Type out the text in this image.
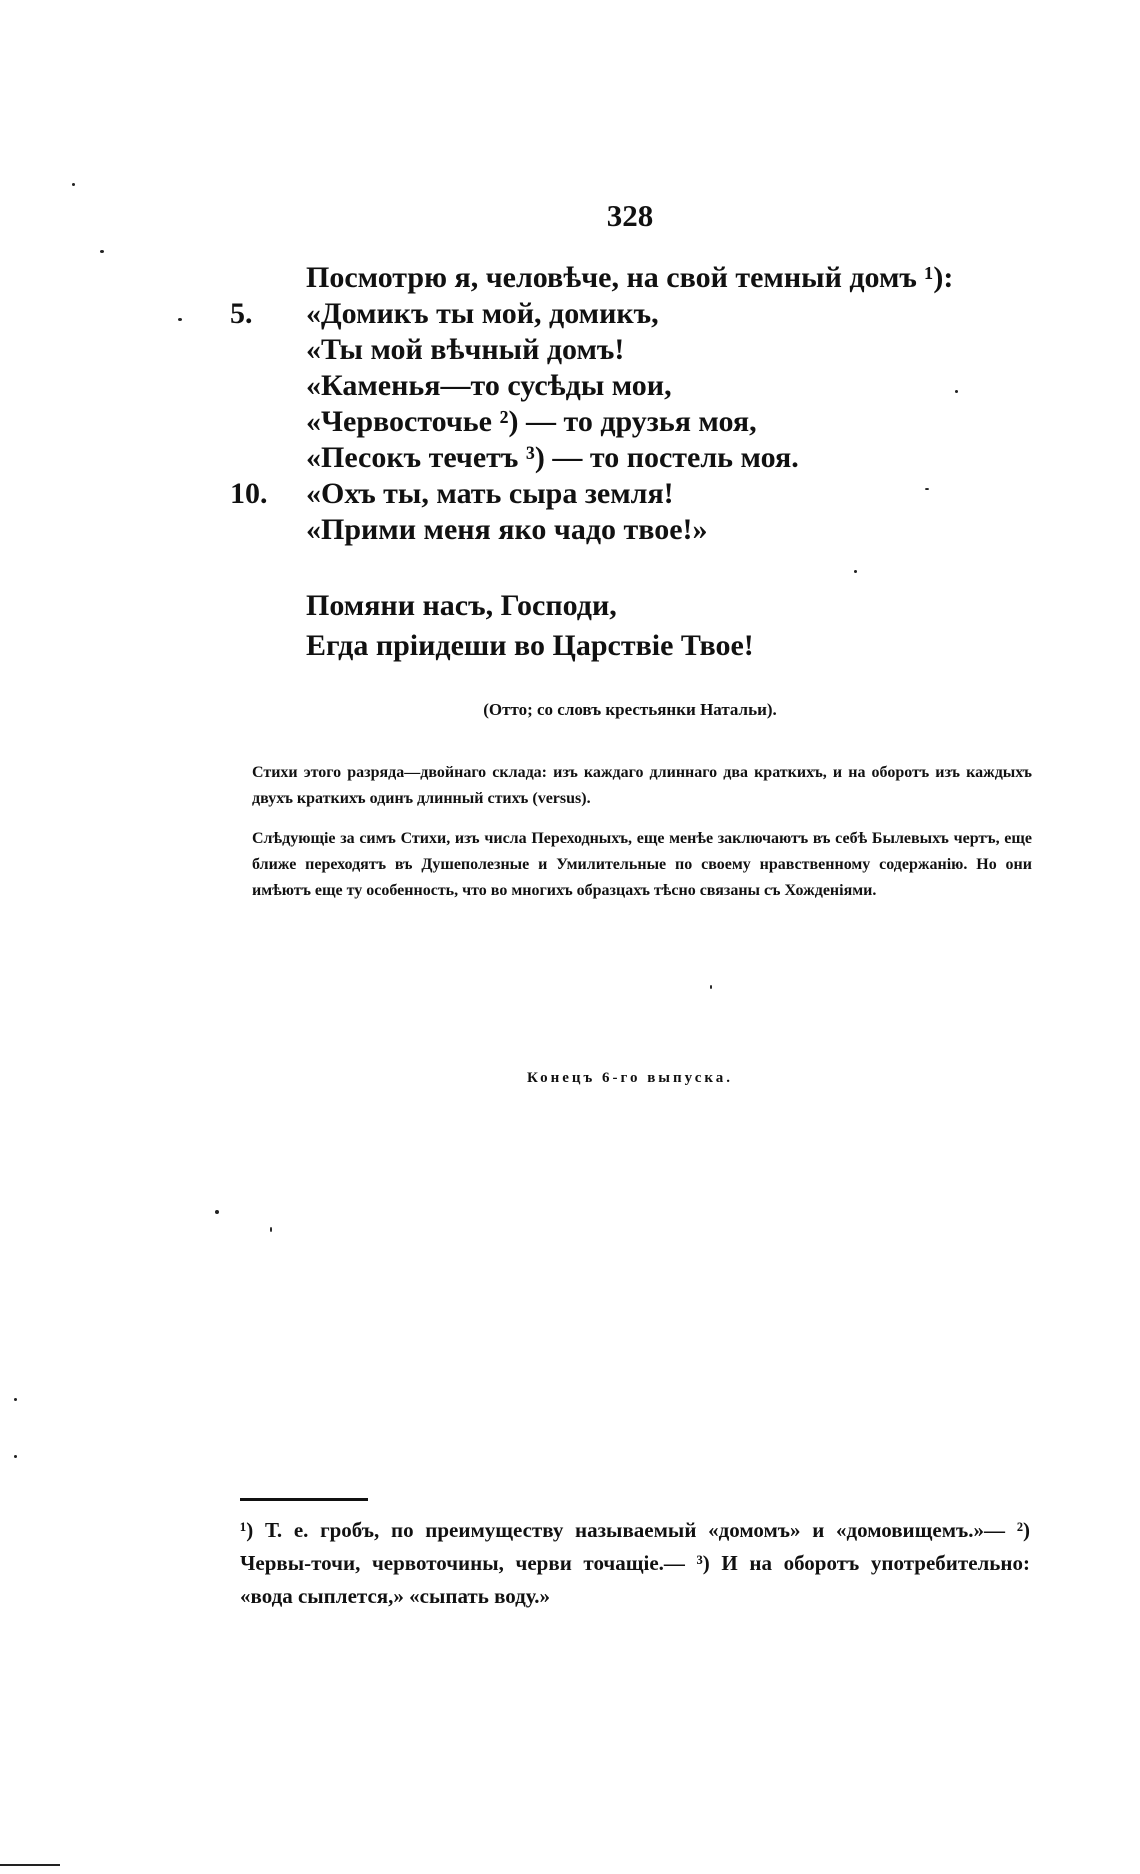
328
Посмотрю я, человѣче, на свой темный домъ ¹):
5.	«Домикъ ты мой, домикъ,
«Ты мой вѣчный домъ!
«Каменья—то сусѣды мои,
«Червосточье ²) — то друзья моя,
«Песокъ течетъ ³) — то постель моя.
10.	«Охъ ты, мать сыра земля!
«Прими меня яко чадо твое!»
Помяни насъ, Господи,
Егда пріидеши во Царствіе Твое!
(Отто; со словъ крестьянки Натальи).
Стихи этого разряда—двойнаго склада: изъ каждаго длиннаго два краткихъ, и на оборотъ изъ каждыхъ двухъ краткихъ одинъ длинный стихъ (versus).
Слѣдующіе за симъ Стихи, изъ числа Переходныхъ, еще менѣе заключаютъ въ себѣ Былевыхъ чертъ, еще ближе переходятъ въ Душеполезные и Умилительные по своему нравственному содержанію. Но они имѣютъ еще ту особенность, что во многихъ образцахъ тѣсно связаны съ Хожденіями.
Конецъ 6-го выпуска.

¹) Т. е. гробъ, по преимуществу называемый «домомъ» и «домовищемъ.»— ²) Червы-точи, червоточины, черви точащіе.— ³) И на оборотъ употребительно: «вода сыплется,» «сыпать воду.»
